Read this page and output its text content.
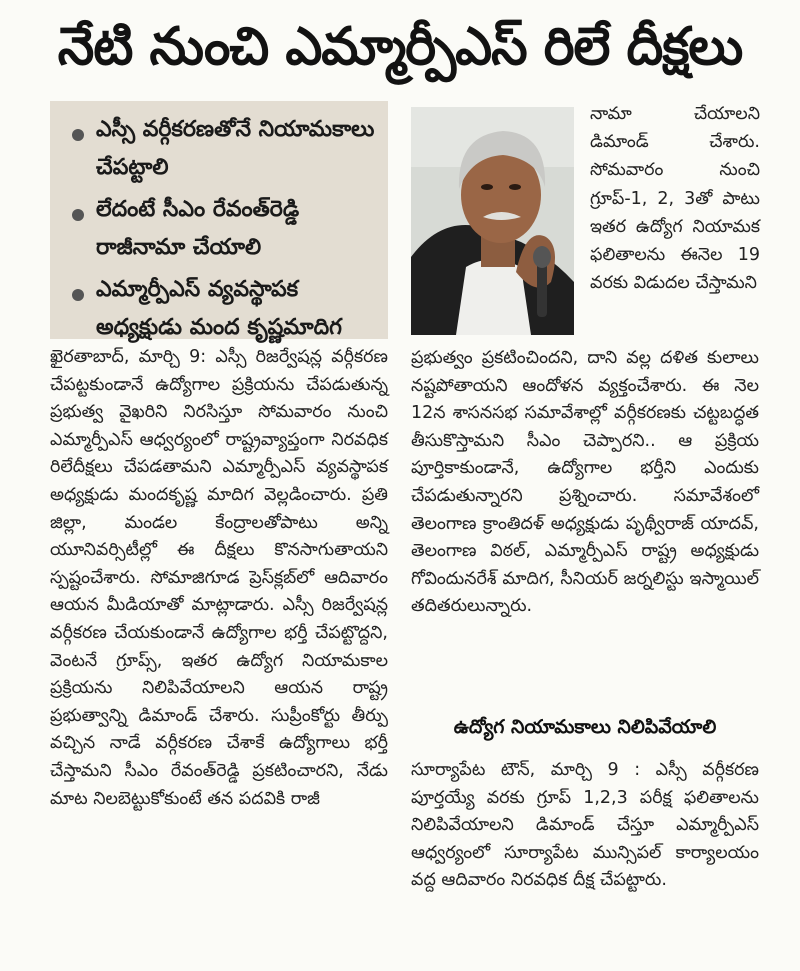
నేటి నుంచి ఎమ్మార్పీఎస్ రిలే దీక్షలు
ఎస్సీ వర్గీకరణతోనే నియామకాలు చేపట్టాలి
లేదంటే సీఎం రేవంత్‌రెడ్డి రాజీనామా చేయాలి
ఎమ్మార్పీఎస్ వ్యవస్థాపక అధ్యక్షుడు మంద కృష్ణమాదిగ

నామా చేయాలని డిమాండ్ చేశారు. సోమవారం నుంచి గ్రూప్-1, 2, 3తో పాటు ఇతర ఉద్యోగ నియామక ఫలితాలను ఈనెల 19 వరకు విడుదల చేస్తామని

ఖైరతాబాద్, మార్చి 9: ఎస్సీ రిజర్వేషన్ల వర్గీకరణ చేపట్టకుండానే ఉద్యోగాల ప్రక్రియను చేపడుతున్న ప్రభుత్వ వైఖరిని నిరసిస్తూ సోమవారం నుంచి ఎమ్మార్పీఎస్ ఆధ్వర్యంలో రాష్ట్రవ్యాప్తంగా నిరవధిక రిలేదీక్షలు చేపడతామని ఎమ్మార్పీఎస్ వ్యవస్థాపక అధ్యక్షుడు మందకృష్ణ మాదిగ వెల్లడించారు. ప్రతి జిల్లా, మండల కేంద్రాలతోపాటు అన్ని యూనివర్సిటీల్లో ఈ దీక్షలు కొనసాగుతాయని స్పష్టంచేశారు. సోమాజిగూడ ప్రెస్‌క్లబ్‌లో ఆదివారం ఆయన మీడియాతో మాట్లాడారు. ఎస్సీ రిజర్వేషన్ల వర్గీకరణ చేయకుండానే ఉద్యోగాల భర్తీ చేపట్టొద్దని, వెంటనే గ్రూప్స్, ఇతర ఉద్యోగ నియామకాల ప్రక్రియను నిలిపివేయాలని ఆయన రాష్ట్ర ప్రభుత్వాన్ని డిమాండ్ చేశారు. సుప్రీంకోర్టు తీర్పు వచ్చిన నాడే వర్గీకరణ చేశాకే ఉద్యోగాలు భర్తీ చేస్తామని సీఎం రేవంత్‌రెడ్డి ప్రకటించారని, నేడు మాట నిలబెట్టుకోకుంటే తన పదవికి రాజీ

ప్రభుత్వం ప్రకటించిందని, దాని వల్ల దళిత కులాలు నష్టపోతాయని ఆందోళన వ్యక్తంచేశారు. ఈ నెల 12న శాసనసభ సమావేశాల్లో వర్గీకరణకు చట్టబద్ధత తీసుకొస్తామని సీఎం చెప్పారని.. ఆ ప్రక్రియ పూర్తికాకుండానే, ఉద్యోగాల భర్తీని ఎందుకు చేపడుతున్నారని ప్రశ్నించారు. సమావేశంలో తెలంగాణ క్రాంతిదళ్ అధ్యక్షుడు పృథ్వీరాజ్ యాదవ్, తెలంగాణ విఠల్, ఎమ్మార్పీఎస్ రాష్ట్ర అధ్యక్షుడు గోవిందునరేశ్ మాదిగ, సీనియర్ జర్నలిస్టు ఇస్మాయిల్ తదితరులున్నారు.

ఉద్యోగ నియామకాలు నిలిపివేయాలి

సూర్యాపేట టౌన్, మార్చి 9 : ఎస్సీ వర్గీకరణ పూర్తయ్యే వరకు గ్రూప్ 1,2,3 పరీక్ష ఫలితాలను నిలిపివేయాలని డిమాండ్ చేస్తూ ఎమ్మార్పీఎస్ ఆధ్వర్యంలో సూర్యాపేట మున్సిపల్ కార్యాలయం వద్ద ఆదివారం నిరవధిక దీక్ష చేపట్టారు.
